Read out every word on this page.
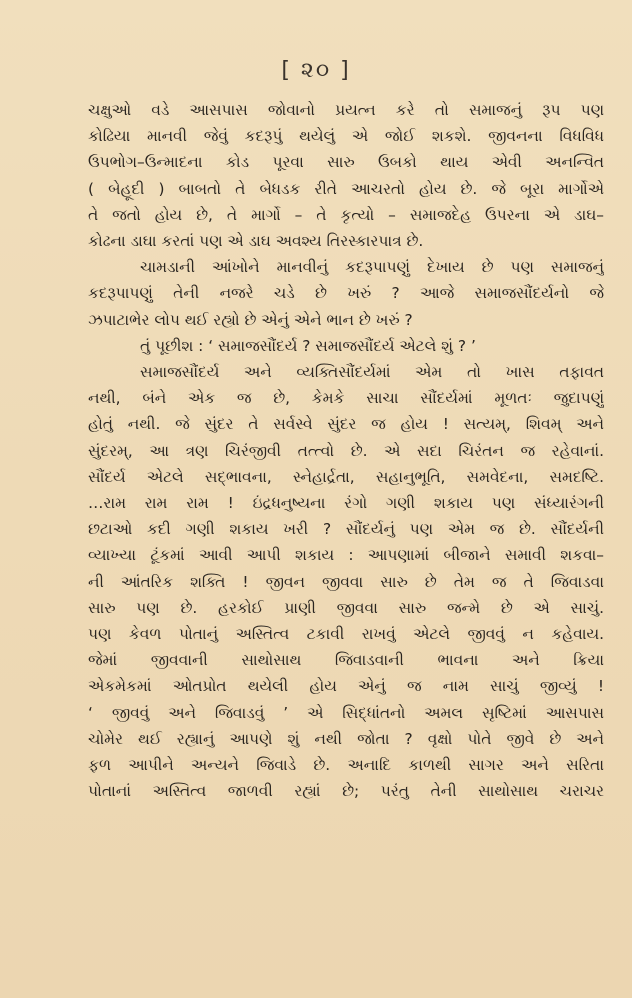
[ ૨૦ ]
ચક્ષુઓ વડે આસપાસ જોવાનો પ્રયત્ન કરે તો સમાજનું રૂપ પણ
કોઢિયા માનવી જેવું કદરૂપું થયેલું એ જોઈ શકશે. જીવનના વિધવિધ
ઉપભોગ–ઉન્માદના કોડ પૂરવા સારુ ઉબકો થાય એવી અનન્વિત
( બેહૂદી ) બાબતો તે બેધડક રીતે આચરતો હોય છે. જે બૂરા માર્ગોએ
તે જતો હોય છે, તે માર્ગો – તે કૃત્યો – સમાજદેહ ઉપરના એ ડાઘ–
કોઢના ડાઘા કરતાં પણ એ ડાઘ અવશ્ય તિરસ્કારપાત્ર છે.
ચામડાની આંખોને માનવીનું કદરૂપાપણું દેખાય છે પણ સમાજનું
કદરૂપાપણું તેની નજરે ચડે છે ખરું ? આજે સમાજસૌંદર્યનો જે
ઝપાટાભેર લોપ થઈ રહ્યો છે એનું એને ભાન છે ખરું ?
તું પૂછીશ : ‘ સમાજસૌંદર્ય ? સમાજસૌંદર્ય એટલે શું ? ’
સમાજસૌંદર્ય અને વ્યક્તિસૌંદર્યમાં એમ તો ખાસ તફાવત
નથી, બંને એક જ છે, કેમકે સાચા સૌંદર્યમાં મૂળતઃ જુદાપણું
હોતું નથી. જે સુંદર તે સર્વસ્વે સુંદર જ હોય ! સત્યમ્, શિવમ્ અને
સુંદરમ્, આ ત્રણ ચિરંજીવી તત્ત્વો છે. એ સદા ચિરંતન જ રહેવાનાં.
સૌંદર્ય એટલે સદ્ભાવના, સ્નેહાર્દ્રતા, સહાનુભૂતિ, સમવેદના, સમદષ્ટિ.
…રામ રામ રામ ! ઇંદ્રધનુષ્યના રંગો ગણી શકાય પણ સંધ્યારંગની
છટાઓ કદી ગણી શકાય ખરી ? સૌંદર્યનું પણ એમ જ છે. સૌંદર્યની
વ્યાખ્યા ટૂંકમાં આવી આપી શકાય : આપણામાં બીજાને સમાવી શકવા–
ની આંતરિક શક્તિ ! જીવન જીવવા સારુ છે તેમ જ તે જિવાડવા
સારુ પણ છે. હરકોઈ પ્રાણી જીવવા સારુ જન્મે છે એ સાચું.
પણ કેવળ પોતાનું અસ્તિત્વ ટકાવી રાખવું એટલે જીવવું ન કહેવાય.
જેમાં જીવવાની સાથોસાથ જિવાડવાની ભાવના અને ક્રિયા
એકમેકમાં ઓતપ્રોત થયેલી હોય એનું જ નામ સાચું જીવ્યું !
‘ જીવવું અને જિવાડવું ’ એ સિદ્ધાંતનો અમલ સૃષ્ટિમાં આસપાસ
ચોમેર થઈ રહ્યાનું આપણે શું નથી જોતા ? વૃક્ષો પોતે જીવે છે અને
ફળ આપીને અન્યને જિવાડે છે. અનાદિ કાળથી સાગર અને સરિતા
પોતાનાં અસ્તિત્વ જાળવી રહ્યાં છે; પરંતુ તેની સાથોસાથ ચરાચર
